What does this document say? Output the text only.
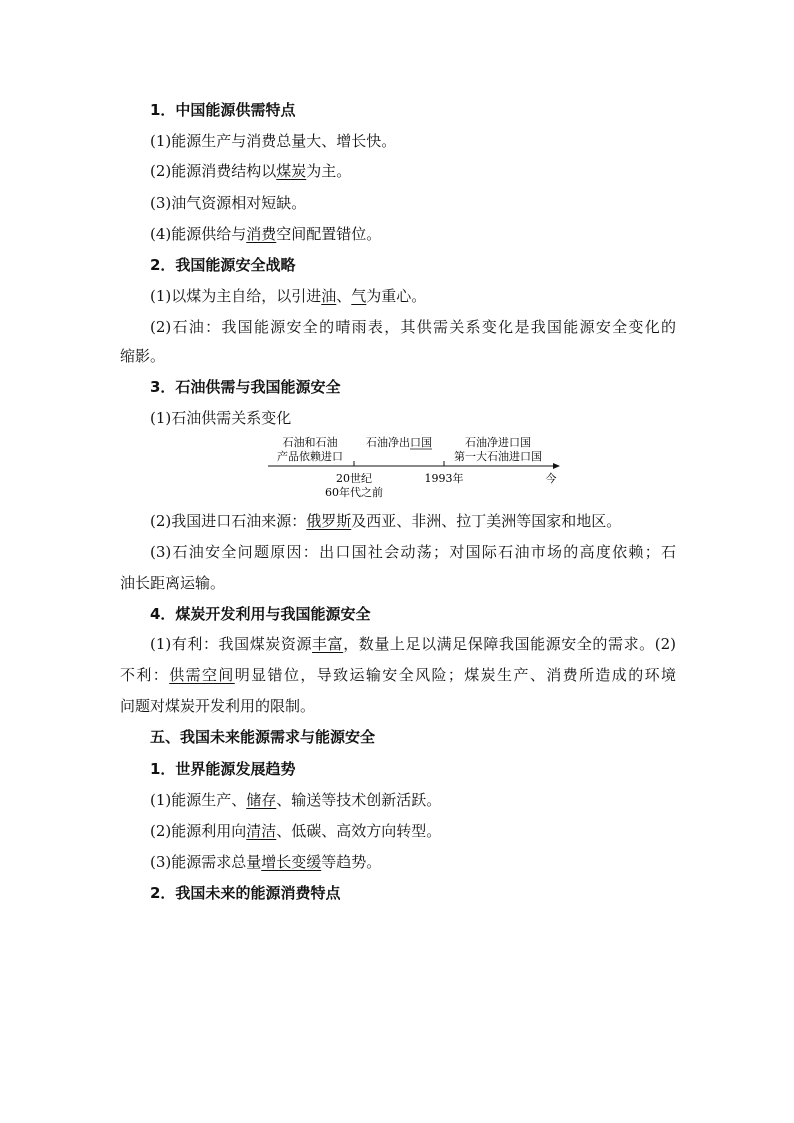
1．中国能源供需特点
(1)能源生产与消费总量大、增长快。
(2)能源消费结构以煤炭为主。
(3)油气资源相对短缺。
(4)能源供给与消费空间配置错位。
2．我国能源安全战略
(1)以煤为主自给，以引进油、气为重心。
(2)石油：我国能源安全的晴雨表，其供需关系变化是我国能源安全变化的
缩影。
3．石油供需与我国能源安全
(1)石油供需关系变化
(2)我国进口石油来源：俄罗斯及西亚、非洲、拉丁美洲等国家和地区。
(3)石油安全问题原因：出口国社会动荡；对国际石油市场的高度依赖；石
油长距离运输。
4．煤炭开发利用与我国能源安全
(1)有利：我国煤炭资源丰富，数量上足以满足保障我国能源安全的需求。(2)
不利：供需空间明显错位，导致运输安全风险；煤炭生产、消费所造成的环境
问题对煤炭开发利用的限制。
五、我国未来能源需求与能源安全
1．世界能源发展趋势
(1)能源生产、储存、输送等技术创新活跃。
(2)能源利用向清洁、低碳、高效方向转型。
(3)能源需求总量增长变缓等趋势。
2．我国未来的能源消费特点
石油和石油
产品依赖进口
石油净出口国	石油净进口国
第一大石油进口国
20世纪
60年代之前
1993年	今
